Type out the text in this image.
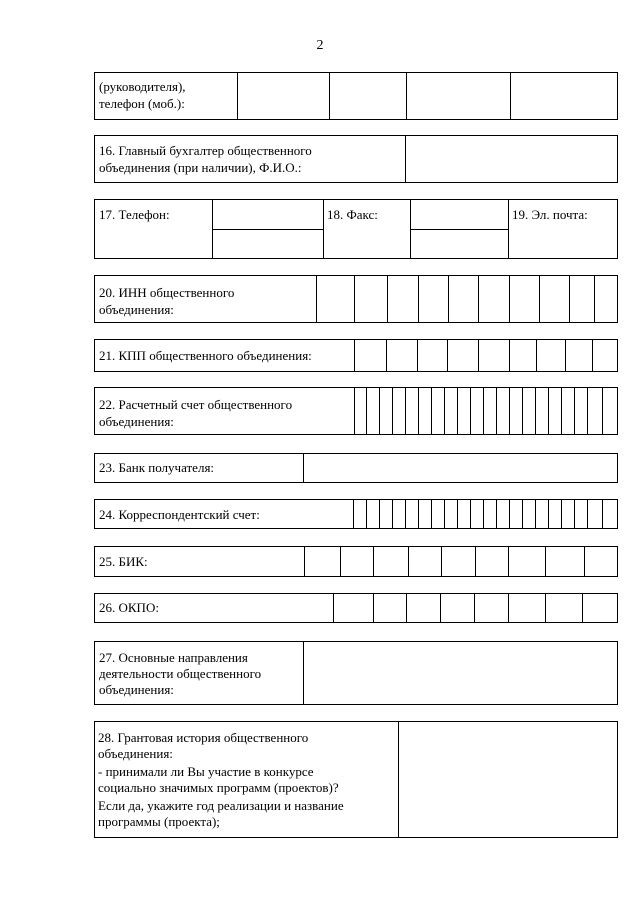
2
(руководителя),
телефон (моб.):
16. Главный бухгалтер общественного
объединения (при наличии), Ф.И.О.:
17. Телефон:	18. Факс:	19. Эл. почта:
20. ИНН общественного
объединения:
21. КПП общественного объединения:
22. Расчетный счет общественного
объединения:
23. Банк получателя:
24. Корреспондентский счет:
25. БИК:
26. ОКПО:
27. Основные направления
деятельности общественного
объединения:
28. Грантовая история общественного
объединения:
- принимали ли Вы участие в конкурсе
социально значимых программ (проектов)?
Если да, укажите год реализации и название
программы (проекта);
